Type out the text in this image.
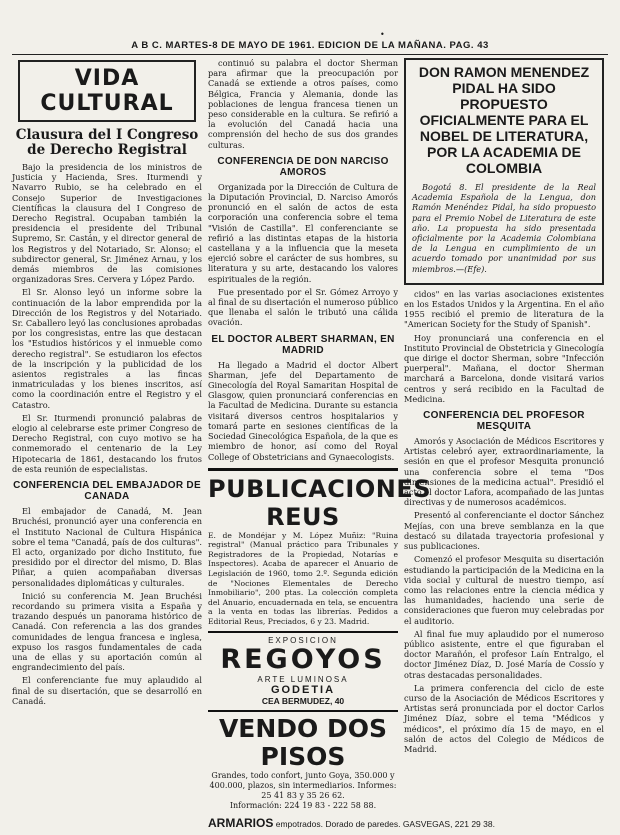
•
A B C. MARTES-8 DE MAYO DE 1961. EDICION DE LA MAÑANA. PAG. 43
VIDA CULTURAL
Clausura del I Congreso de Derecho Registral

Bajo la presidencia de los ministros de Justicia y Hacienda, Sres. Iturmendi y Navarro Rubio, se ha celebrado en el Consejo Superior de Investigaciones Científicas la clausura del I Congreso de Derecho Registral. Ocupaban también la presidencia el presidente del Tribunal Supremo, Sr. Castán, y el director general de los Registros y del Notariado, Sr. Alonso; el subdirector general, Sr. Jiménez Arnau, y los demás miembros de las comisiones organizadoras Sres. Cervera y López Pardo.

El Sr. Alonso leyó un informe sobre la continuación de la labor emprendida por la Dirección de los Registros y del Notariado. Sr. Caballero leyó las conclusiones aprobadas por los congresistas, entre las que destacan los "Estudios históricos y el inmueble como derecho registral". Se estudiaron los efectos de la inscripción y la publicidad de los asientos registrales a las fincas inmatriculadas y los bienes inscritos, así como la coordinación entre el Registro y el Catastro.

El Sr. Iturmendi pronunció palabras de elogio al celebrarse este primer Congreso de Derecho Registral, con cuyo motivo se ha conmemorado el centenario de la Ley Hipotecaria de 1861, destacando los frutos de esta reunión de especialistas.

CONFERENCIA DEL EMBAJADOR DE CANADA

El embajador de Canadá, M. Jean Bruchési, pronunció ayer una conferencia en el Instituto Nacional de Cultura Hispánica sobre el tema "Canadá, país de dos culturas". El acto, organizado por dicho Instituto, fue presidido por el director del mismo, D. Blas Piñar, a quien acompañaban diversas personalidades diplomáticas y culturales.

Inició su conferencia M. Jean Bruchési recordando su primera visita a España y trazando después un panorama histórico de Canadá. Con referencia a las dos grandes comunidades de lengua francesa e inglesa, expuso los rasgos fundamentales de cada una de ellas y su aportación común al engrandecimiento del país.

El conferenciante fue muy aplaudido al final de su disertación, que se desarrolló en Canadá.

continuó su palabra el doctor Sherman para afirmar que la preocupación por Canadá se extiende a otros países, como Bélgica, Francia y Alemania, donde las poblaciones de lengua francesa tienen un peso considerable en la cultura. Se refirió a la evolución del Canadá hacia una comprensión del hecho de sus dos grandes culturas.

CONFERENCIA DE DON NARCISO AMOROS

Organizada por la Dirección de Cultura de la Diputación Provincial, D. Narciso Amorós pronunció en el salón de actos de esta corporación una conferencia sobre el tema "Visión de Castilla". El conferenciante se refirió a las distintas etapas de la historia castellana y a la influencia que la meseta ejerció sobre el carácter de sus hombres, su literatura y su arte, destacando los valores espirituales de la región.

Fue presentado por el Sr. Gómez Arroyo y al final de su disertación el numeroso público que llenaba el salón le tributó una cálida ovación.

EL DOCTOR ALBERT SHARMAN, EN MADRID

Ha llegado a Madrid el doctor Albert Sharman, jefe del Departamento de Ginecología del Royal Samaritan Hospital de Glasgow, quien pronunciará conferencias en la Facultad de Medicina. Durante su estancia visitará diversos centros hospitalarios y tomará parte en sesiones científicas de la Sociedad Ginecológica Española, de la que es miembro de honor, así como del Royal College of Obstetricians and Gynaecologists.

PUBLICACIONES REUS

E. de Mondéjar y M. López Muñiz: "Ruina registral" (Manual práctico para Tribunales y Registradores de la Propiedad, Notarías e Inspectores). Acaba de aparecer el Anuario de Legislación de 1960, tomo 2.º. Segunda edición de "Nociones Elementales de Derecho Inmobiliario", 200 ptas. La colección completa del Anuario, encuadernada en tela, se encuentra a la venta en todas las librerías. Pedidos a Editorial Reus, Preciados, 6 y 23. Madrid.

EXPOSICION
REGOYOS
ARTE LUMINOSA
GODETIA
CEA BERMUDEZ, 40
VENDO DOS PISOS
Grandes, todo confort, junto Goya, 350.000 y 400.000, plazos, sin intermediarios. Informes: 25 41 83 y 35 26 62.
Información: 224 19 83 - 222 58 88.
ARMARIOS empotrados. Dorado de paredes. GASVEGAS, 221 29 38.
DON RAMON MENENDEZ PIDAL HA SIDO PROPUESTO OFICIALMENTE PARA EL NOBEL DE LITERATURA, POR LA ACADEMIA DE COLOMBIA

Bogotá 8. El presidente de la Real Academia Española de la Lengua, don Ramón Menéndez Pidal, ha sido propuesto para el Premio Nobel de Literatura de este año. La propuesta ha sido presentada oficialmente por la Academia Colombiana de la Lengua en cumplimiento de un acuerdo tomado por unanimidad por sus miembros.—(Efe).

cidos" en las varias asociaciones existentes en los Estados Unidos y la Argentina. En el año 1955 recibió el premio de literatura de la "American Society for the Study of Spanish".

Hoy pronunciará una conferencia en el Instituto Provincial de Obstetricia y Ginecología que dirige el doctor Sherman, sobre "Infección puerperal". Mañana, el doctor Sherman marchará a Barcelona, donde visitará varios centros y será recibido en la Facultad de Medicina.

CONFERENCIA DEL PROFESOR MESQUITA

Amorós y Asociación de Médicos Escritores y Artistas celebró ayer, extraordinariamente, la sesión en que el profesor Mesquita pronunció una conferencia sobre el tema "Dos dimensiones de la medicina actual". Presidió el acto el doctor Lafora, acompañado de las juntas directivas y de numerosos académicos.

Presentó al conferenciante el doctor Sánchez Mejías, con una breve semblanza en la que destacó su dilatada trayectoria profesional y sus publicaciones.

Comenzó el profesor Mesquita su disertación estudiando la participación de la Medicina en la vida social y cultural de nuestro tiempo, así como las relaciones entre la ciencia médica y las humanidades, haciendo una serie de consideraciones que fueron muy celebradas por el auditorio.

Al final fue muy aplaudido por el numeroso público asistente, entre el que figuraban el doctor Marañón, el profesor Laín Entralgo, el doctor Jiménez Díaz, D. José María de Cossío y otras destacadas personalidades.

La primera conferencia del ciclo de este curso de la Asociación de Médicos Escritores y Artistas será pronunciada por el doctor Carlos Jiménez Díaz, sobre el tema "Médicos y médicos", el próximo día 15 de mayo, en el salón de actos del Colegio de Médicos de Madrid.
